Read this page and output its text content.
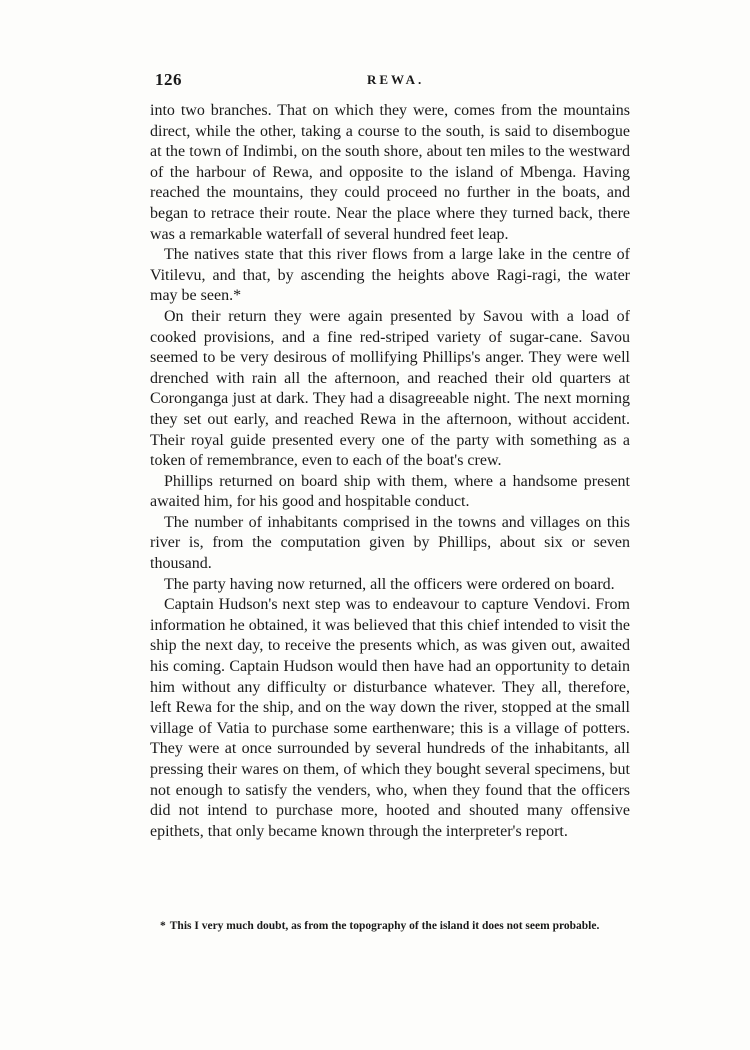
126	REWA.

into two branches. That on which they were, comes from the mountains direct, while the other, taking a course to the south, is said to disembogue at the town of Indimbi, on the south shore, about ten miles to the westward of the harbour of Rewa, and opposite to the island of Mbenga. Having reached the mountains, they could proceed no further in the boats, and began to retrace their route. Near the place where they turned back, there was a remarkable waterfall of several hundred feet leap.

The natives state that this river flows from a large lake in the centre of Vitilevu, and that, by ascending the heights above Ragi-ragi, the water may be seen.*

On their return they were again presented by Savou with a load of cooked provisions, and a fine red-striped variety of sugar-cane. Savou seemed to be very desirous of mollifying Phillips's anger. They were well drenched with rain all the afternoon, and reached their old quarters at Coronganga just at dark. They had a disagreeable night. The next morning they set out early, and reached Rewa in the afternoon, without accident. Their royal guide presented every one of the party with something as a token of remembrance, even to each of the boat's crew.

Phillips returned on board ship with them, where a handsome present awaited him, for his good and hospitable conduct.

The number of inhabitants comprised in the towns and villages on this river is, from the computation given by Phillips, about six or seven thousand.

The party having now returned, all the officers were ordered on board.

Captain Hudson's next step was to endeavour to capture Vendovi. From information he obtained, it was believed that this chief intended to visit the ship the next day, to receive the presents which, as was given out, awaited his coming. Captain Hudson would then have had an opportunity to detain him without any difficulty or disturbance whatever. They all, therefore, left Rewa for the ship, and on the way down the river, stopped at the small village of Vatia to purchase some earthenware; this is a village of potters. They were at once surrounded by several hundreds of the inhabitants, all pressing their wares on them, of which they bought several specimens, but not enough to satisfy the venders, who, when they found that the officers did not intend to purchase more, hooted and shouted many offensive epithets, that only became known through the interpreter's report.

* This I very much doubt, as from the topography of the island it does not seem probable.
